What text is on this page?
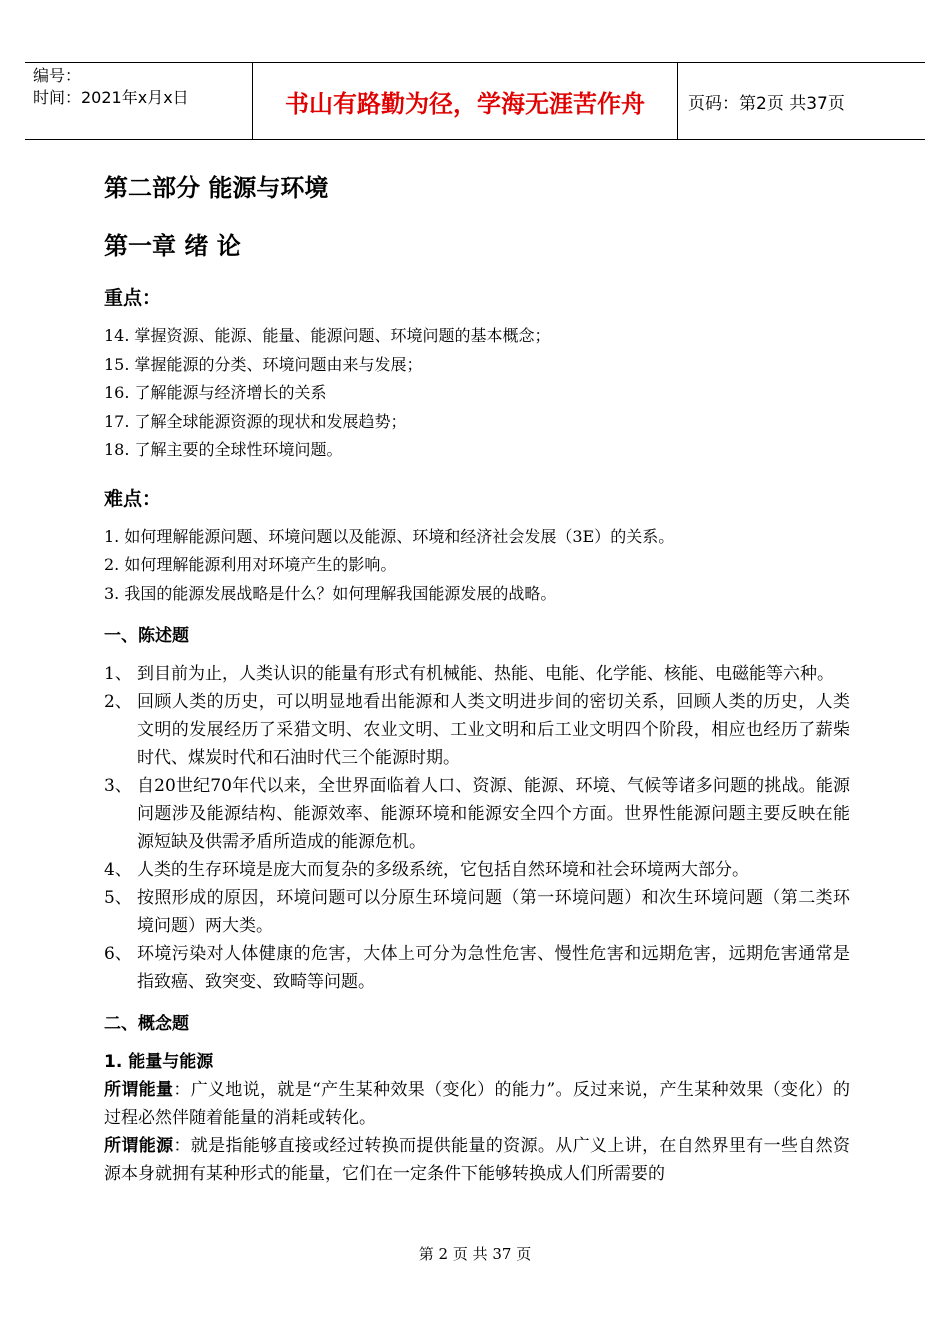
编号：
时间：2021年x月x日	书山有路勤为径，学海无涯苦作舟	页码：第2页 共37页
第二部分 能源与环境
第一章 绪 论
重点：
14. 掌握资源、能源、能量、能源问题、环境问题的基本概念；
15. 掌握能源的分类、环境问题由来与发展；
16. 了解能源与经济增长的关系
17. 了解全球能源资源的现状和发展趋势；
18. 了解主要的全球性环境问题。
难点：
1. 如何理解能源问题、环境问题以及能源、环境和经济社会发展（3E）的关系。
2. 如何理解能源利用对环境产生的影响。
3. 我国的能源发展战略是什么？如何理解我国能源发展的战略。
一、陈述题
1、 到目前为止，人类认识的能量有形式有机械能、热能、电能、化学能、核能、电磁能等六种。
2、 回顾人类的历史，可以明显地看出能源和人类文明进步间的密切关系，回顾人类的历史，人类文明的发展经历了采猎文明、农业文明、工业文明和后工业文明四个阶段，相应也经历了薪柴时代、煤炭时代和石油时代三个能源时期。
3、 自20世纪70年代以来，全世界面临着人口、资源、能源、环境、气候等诸多问题的挑战。能源问题涉及能源结构、能源效率、能源环境和能源安全四个方面。世界性能源问题主要反映在能源短缺及供需矛盾所造成的能源危机。
4、 人类的生存环境是庞大而复杂的多级系统，它包括自然环境和社会环境两大部分。
5、 按照形成的原因，环境问题可以分原生环境问题（第一环境问题）和次生环境问题（第二类环境问题）两大类。
6、 环境污染对人体健康的危害，大体上可分为急性危害、慢性危害和远期危害，远期危害通常是指致癌、致突变、致畸等问题。
二、概念题
1. 能量与能源

所谓能量：广义地说，就是“产生某种效果（变化）的能力”。反过来说，产生某种效果（变化）的过程必然伴随着能量的消耗或转化。

所谓能源：就是指能够直接或经过转换而提供能量的资源。从广义上讲，在自然界里有一些自然资源本身就拥有某种形式的能量，它们在一定条件下能够转换成人们所需要的

第 2 页 共 37 页
